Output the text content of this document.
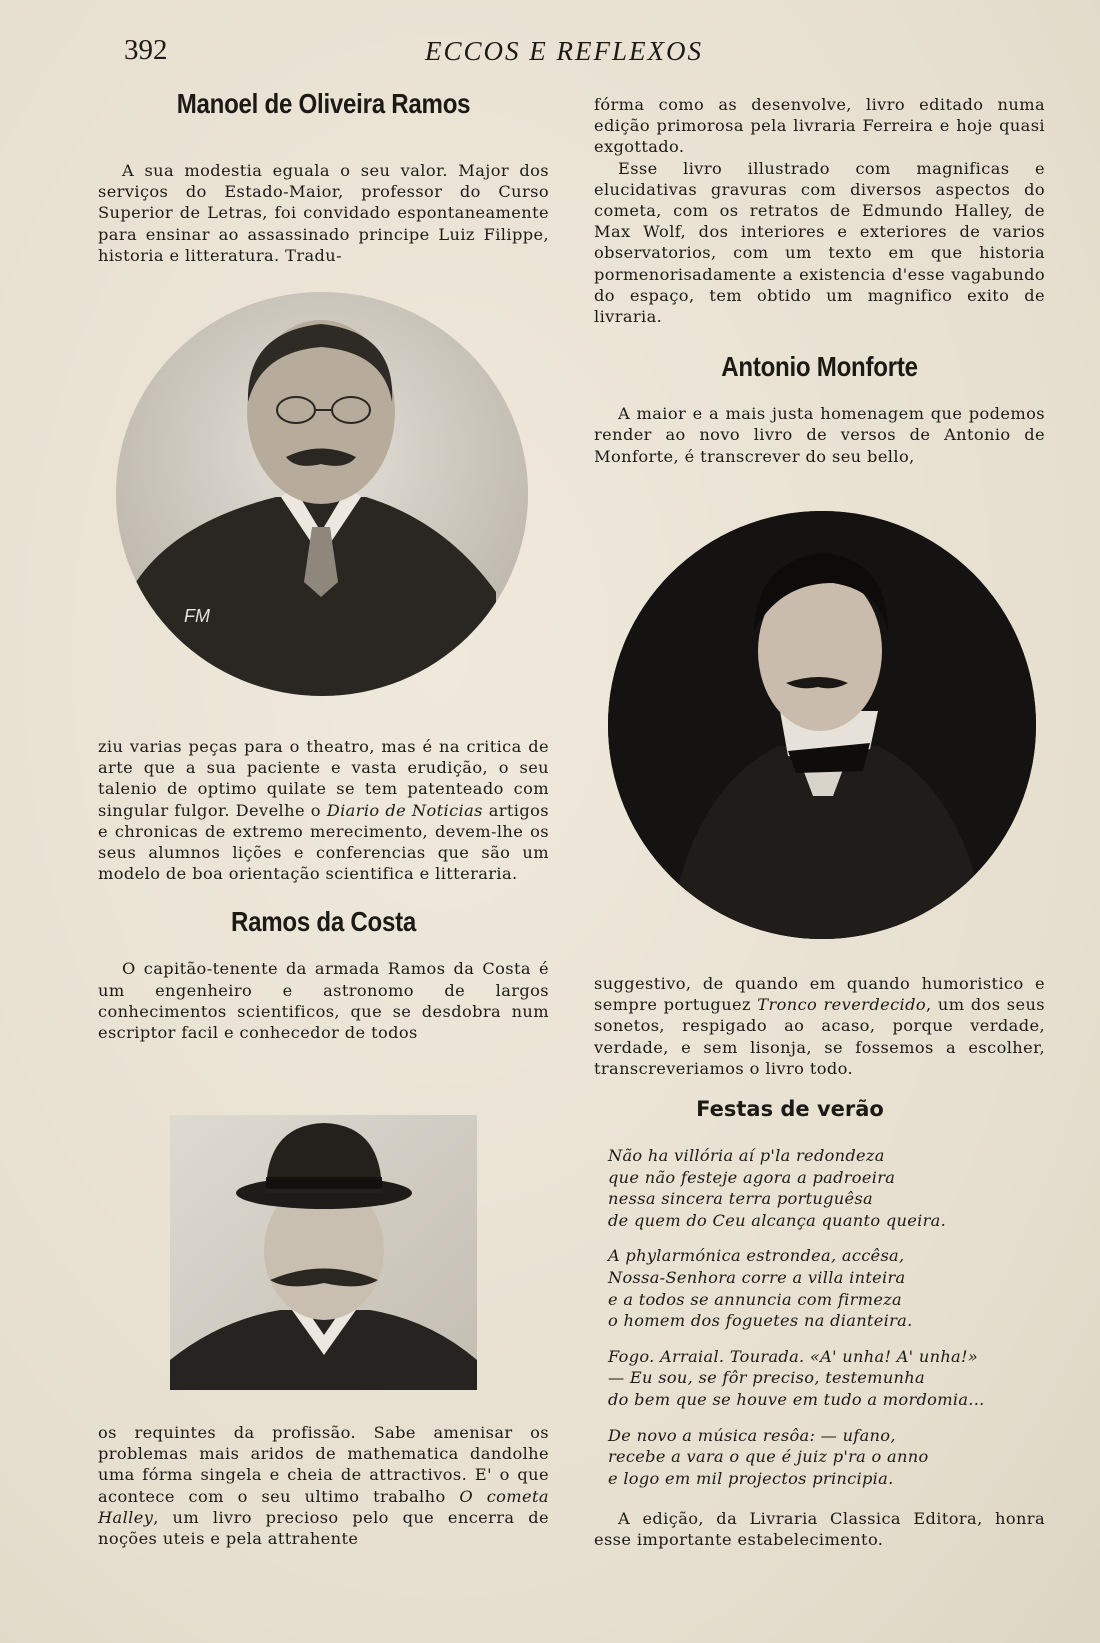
392	ECCOS E REFLEXOS
Manoel de Oliveira Ramos

A sua modestia eguala o seu valor. Major dos serviços do Estado-Maior, professor do Curso Superior de Letras, foi convidado espontaneamente para ensinar ao assassinado principe Luiz Filippe, historia e litteratura. Tradu-

FM

ziu varias peças para o theatro, mas é na critica de arte que a sua paciente e vasta erudição, o seu talenio de optimo quilate se tem patenteado com singular fulgor. Develhe o Diario de Noticias artigos e chronicas de extremo merecimento, devem-lhe os seus alumnos lições e conferencias que são um modelo de boa orientação scientifica e litteraria.

Ramos da Costa

O capitão-tenente da armada Ramos da Costa é um engenheiro e astronomo de largos conhecimentos scientificos, que se desdobra num escriptor facil e conhecedor de todos

os requintes da profissão. Sabe amenisar os problemas mais aridos de mathematica dandolhe uma fórma singela e cheia de attractivos. E' o que acontece com o seu ultimo trabalho O cometa Halley, um livro precioso pelo que encerra de noções uteis e pela attrahente

fórma como as desenvolve, livro editado numa edição primorosa pela livraria Ferreira e hoje quasi exgottado.

Esse livro illustrado com magnificas e elucidativas gravuras com diversos aspectos do cometa, com os retratos de Edmundo Halley, de Max Wolf, dos interiores e exteriores de varios observatorios, com um texto em que historia pormenorisadamente a existencia d'esse vagabundo do espaço, tem obtido um magnifico exito de livraria.

Antonio Monforte

A maior e a mais justa homenagem que podemos render ao novo livro de versos de Antonio de Monforte, é transcrever do seu bello,

suggestivo, de quando em quando humoristico e sempre portuguez Tronco reverdecido, um dos seus sonetos, respigado ao acaso, porque verdade, verdade, e sem lisonja, se fossemos a escolher, transcreveriamos o livro todo.

Festas de verão

Não ha villória aí p'la redondeza
que não festeje agora a padroeira
nessa sincera terra portuguêsa
de quem do Ceu alcança quanto queira.

A phylarmónica estrondea, accêsa,
Nossa-Senhora corre a villa inteira
e a todos se annuncia com firmeza
o homem dos foguetes na dianteira.

Fogo. Arraial. Tourada. «A' unha! A' unha!»
— Eu sou, se fôr preciso, testemunha
do bem que se houve em tudo a mordomia...

De novo a música resôa: — ufano,
recebe a vara o que é juiz p'ra o anno
e logo em mil projectos principia.

A edição, da Livraria Classica Editora, honra esse importante estabelecimento.
